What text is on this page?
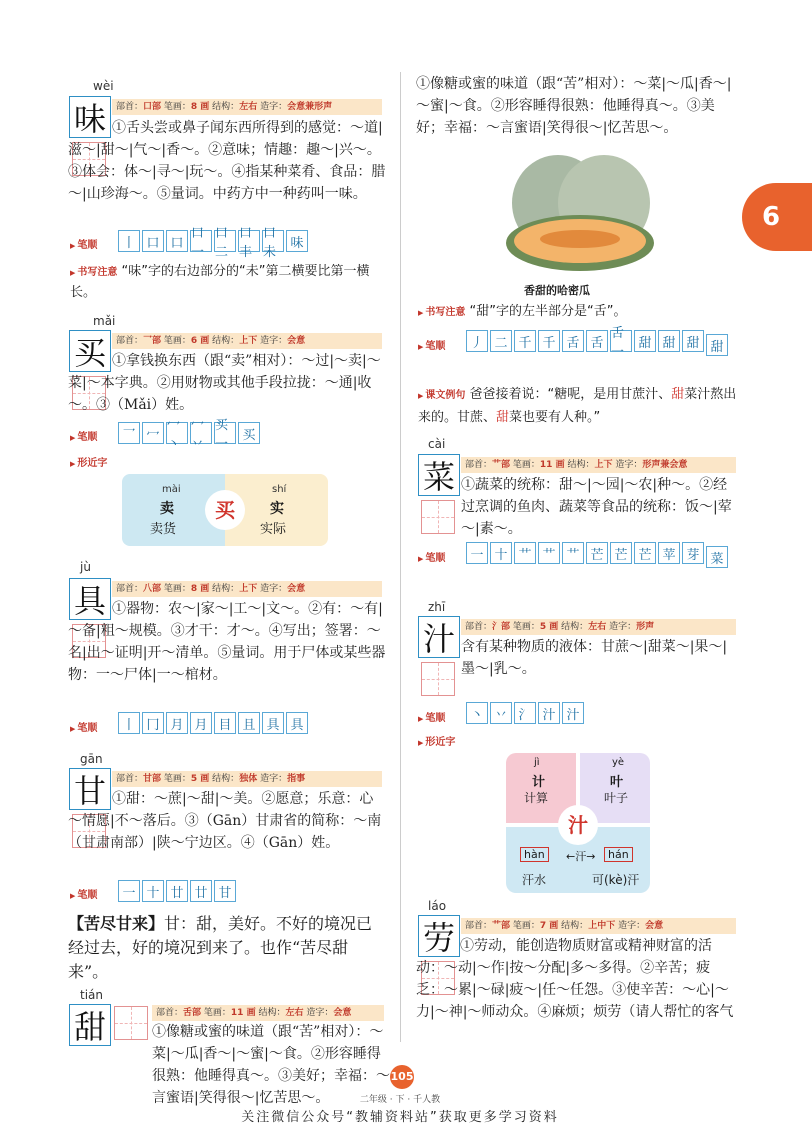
6
wèi
味	部首：口部 笔画：8 画 结构：左右 造字：会意兼形声
①舌头尝或鼻子闻东西所得到的感觉：～道|滋～|甜～|气～|香～。②意味；情趣：趣～|兴～。③体会：体～|寻～|玩～。④指某种菜肴、食品：腊～|山珍海～。⑤量词。中药方中一种药叫一味。
▶ 笔顺	丨 口 口
口一
口二
口丰
口未
味
▶ 书写注意 “味”字的右边部分的“未”第二横要比第一横长。
mǎi
买	部首：乛部 笔画：6 画 结构：上下 造字：会意
①拿钱换东西（跟“卖”相对）：～过|～卖|～菜|～本字典。②用财物或其他手段拉拢：～通|收～。③（Mǎi）姓。
▶ 笔顺	乛 冖
冖丶
冖丷
买一
买
▶ 形近字
mài
卖
卖货
买
shí
实
实际
jù
具	部首：八部 笔画：8 画 结构：上下 造字：会意
①器物：农～|家～|工～|文～。②有：～有|～备|粗～规模。③才干：才～。④写出；签署：～名|出～证明|开～清单。⑤量词。用于尸体或某些器物：一～尸体|一～棺材。
▶ 笔顺	丨 冂 月 月 目 且 具 具
gān
甘	部首：甘部 笔画：5 画 结构：独体 造字：指事
①甜：～蔗|～甜|～美。②愿意；乐意：心～情愿|不～落后。③（Gān）甘肃省的简称：～南（甘肃南部）|陕～宁边区。④（Gān）姓。
▶ 笔顺	一 十 廿 廿 甘
【苦尽甘来】甘：甜，美好。不好的境况已经过去，好的境况到来了。也作“苦尽甜来”。
tián
甜	部首：舌部 笔画：11 画 结构：左右 造字：会意
①像糖或蜜的味道（跟“苦”相对）：～菜|～瓜|香～|～蜜|～食。②形容睡得很熟：他睡得真～。③美好；幸福：～言蜜语|笑得很～|忆苦思～。
①像糖或蜜的味道（跟“苦”相对）：～菜|～瓜|香～|～蜜|～食。②形容睡得很熟：他睡得真～。③美好；幸福：～言蜜语|笑得很～|忆苦思～。
香甜的哈密瓜
▶ 书写注意 “甜”字的左半部分是“舌”。
▶ 笔顺	丿 二 千 千 舌 舌
舌一
甜 甜 甜 甜
▶ 课文例句 爸爸接着说：“糖呢，是用甘蔗汁、甜菜汁熬出来的。甘蔗、甜菜也要有人种。”
cài
菜	部首：艹部 笔画：11 画 结构：上下 造字：形声兼会意
①蔬菜的统称：甜～|～园|～农|种～。②经过烹调的鱼肉、蔬菜等食品的统称：饭～|荤～|素～。
▶ 笔顺	一 十 艹 艹 艹 芒 芒 芒 苹 芽 菜
zhī
汁	部首：氵部 笔画：5 画 结构：左右 造字：形声
含有某种物质的液体：甘蔗～|甜菜～|果～|墨～|乳～。
▶ 笔顺	丶 丷 氵 汁 汁
▶ 形近字
jì
计
计算
yè
叶
叶子
汁
hàn	←汗→	hán
汗水	可(kè)汗
láo
劳	部首：艹部 笔画：7 画 结构：上中下 造字：会意
①劳动，能创造物质财富或精神财富的活动：～动|～作|按～分配|多～多得。②辛苦；疲乏：～累|～碌|疲～|任～任怨。③使辛苦：～心|～力|～神|～师动众。④麻烦；烦劳（请人帮忙的客气
105
二年级 · 下 · 千人教
关注微信公众号“教辅资料站”获取更多学习资料
